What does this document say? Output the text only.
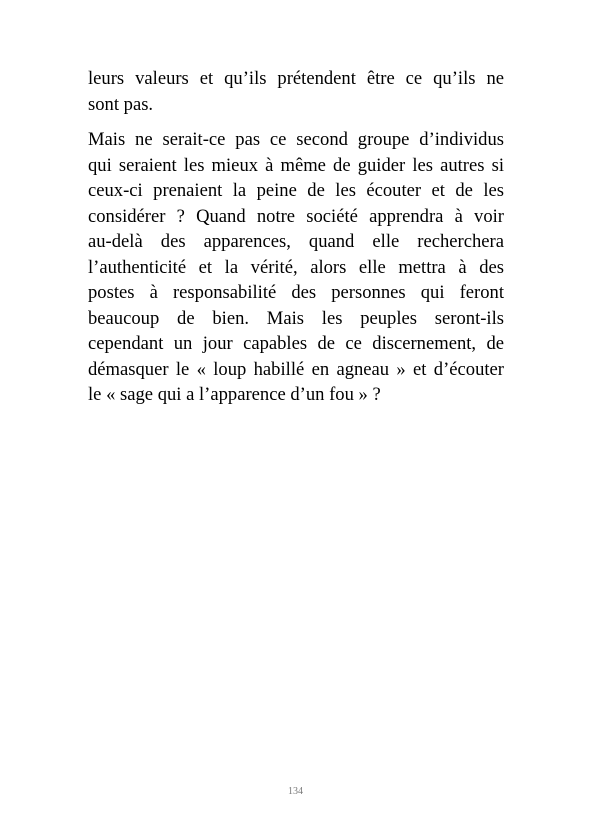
leurs valeurs et qu’ils prétendent être ce qu’ils ne
sont pas.

Mais ne serait-ce pas ce second groupe d’individus
qui seraient les mieux à même de guider les autres si
ceux-ci prenaient la peine de les écouter et de les
considérer ? Quand notre société apprendra à voir
au-delà des apparences, quand elle recherchera
l’authenticité et la vérité, alors elle mettra à des
postes à responsabilité des personnes qui feront
beaucoup de bien. Mais les peuples seront-ils
cependant un jour capables de ce discernement, de
démasquer le « loup habillé en agneau » et d’écouter
le « sage qui a l’apparence d’un fou » ?

134
